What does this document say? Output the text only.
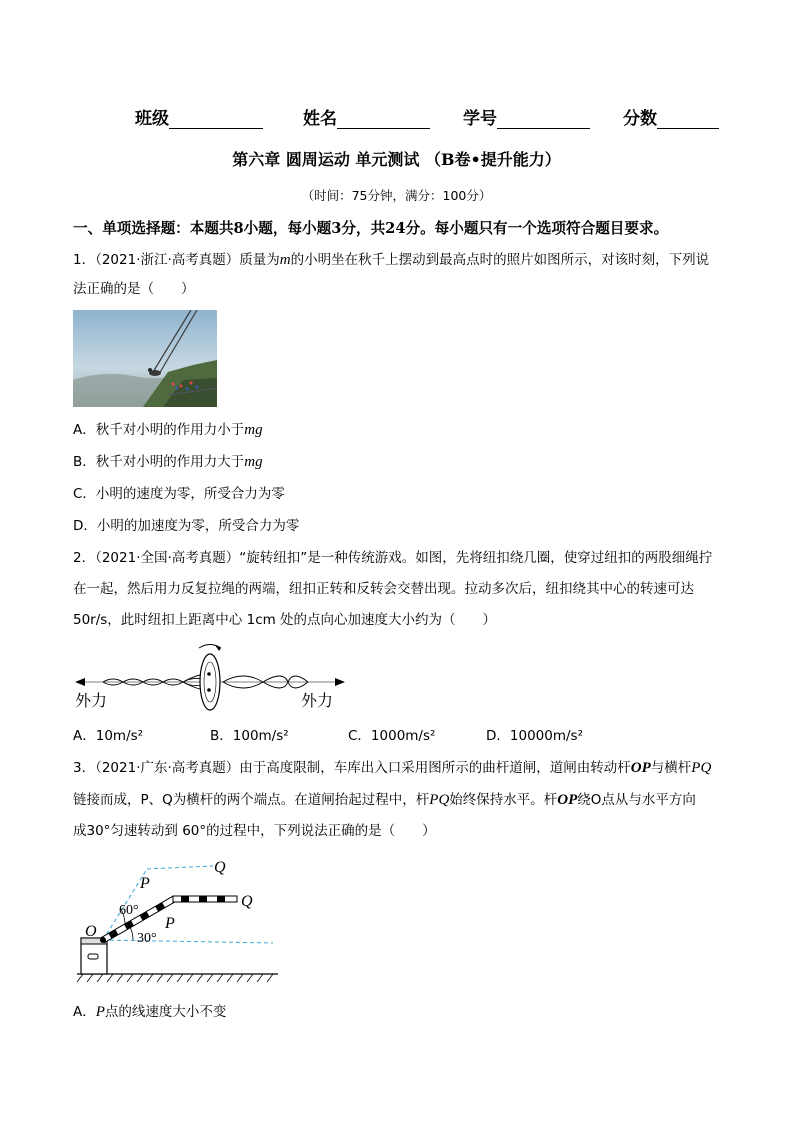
班级	姓名	学号	分数
第六章 圆周运动 单元测试 （B卷•提升能力）
（时间：75分钟，满分：100分）
一、单项选择题：本题共8小题，每小题3分，共24分。每小题只有一个选项符合题目要求。
1．（2021·浙江·高考真题）质量为m的小明坐在秋千上摆动到最高点时的照片如图所示，对该时刻，下列说
法正确的是（　　）
A．秋千对小明的作用力小于mg
B．秋千对小明的作用力大于mg
C．小明的速度为零，所受合力为零
D．小明的加速度为零，所受合力为零
2．（2021·全国·高考真题）“旋转纽扣”是一种传统游戏。如图，先将纽扣绕几圈，使穿过纽扣的两股细绳拧
在一起，然后用力反复拉绳的两端，纽扣正转和反转会交替出现。拉动多次后，纽扣绕其中心的转速可达
50r/s，此时纽扣上距离中心 1cm 处的点向心加速度大小约为（　　）
外力	外力
A．10m/s²	B．100m/s²	C．1000m/s²	D．10000m/s²
3．（2021·广东·高考真题）由于高度限制，车库出入口采用图所示的曲杆道闸，道闸由转动杆OP与横杆PQ
链接而成，P、Q为横杆的两个端点。在道闸抬起过程中，杆PQ始终保持水平。杆OP绕O点从与水平方向
成30°匀速转动到 60°的过程中，下列说法正确的是（　　）
Q
P
Q
P
O
60°
30°
A．P点的线速度大小不变
